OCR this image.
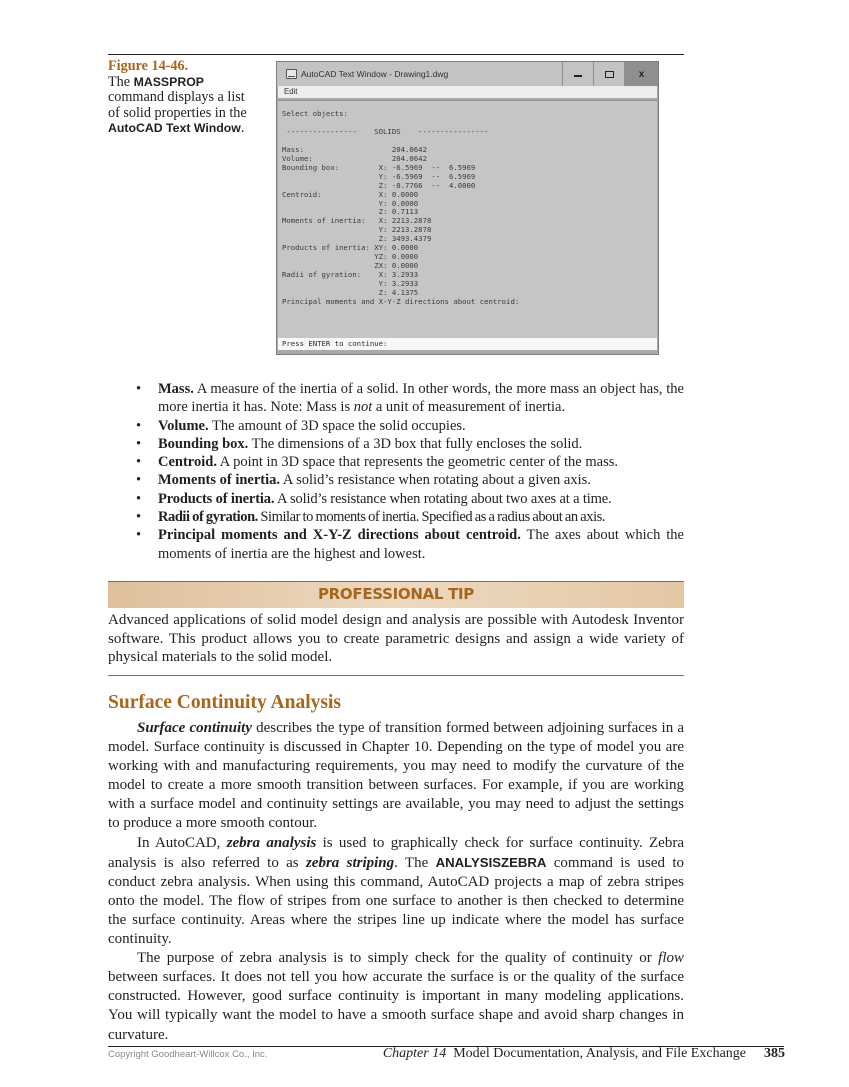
Figure 14-46.
The MASSPROP command displays a list of solid properties in the AutoCAD Text Window.
AutoCAD Text Window - Drawing1.dwg	x
Edit
Select objects:

----------------    SOLIDS    ----------------

Mass:                    204.0642
Volume:                  204.0642
Bounding box:         X: -6.5969  --  6.5969
Y: -6.5969  --  6.5969
Z: -0.7766  --  4.0000
Centroid:             X: 0.0000
Y: 0.0000
Z: 0.7113
Moments of inertia:   X: 2213.2878
Y: 2213.2878
Z: 3493.4379
Products of inertia: XY: 0.0000
YZ: 0.0000
ZX: 0.0000
Radii of gyration:    X: 3.2933
Y: 3.2933
Z: 4.1375
Principal moments and X-Y-Z directions about centroid:
Press ENTER to continue:
• Mass. A measure of the inertia of a solid. In other words, the more mass an object has, the more inertia it has. Note: Mass is not a unit of measurement of inertia.
• Volume. The amount of 3D space the solid occupies.
• Bounding box. The dimensions of a 3D box that fully encloses the solid.
• Centroid. A point in 3D space that represents the geometric center of the mass.
• Moments of inertia. A solid’s resistance when rotating about a given axis.
• Products of inertia. A solid’s resistance when rotating about two axes at a time.
• Radii of gyration. Similar to moments of inertia. Specified as a radius about an axis.
• Principal moments and X-Y-Z directions about centroid. The axes about which the moments of inertia are the highest and lowest.
PROFESSIONAL TIP
Advanced applications of solid model design and analysis are possible with Autodesk Inventor software. This product allows you to create parametric designs and assign a wide variety of physical materials to the solid model.
Surface Continuity Analysis

Surface continuity describes the type of transition formed between adjoining surfaces in a model. Surface continuity is discussed in Chapter 10. Depending on the type of model you are working with and manufacturing requirements, you may need to modify the curvature of the model to create a more smooth transition between surfaces. For example, if you are working with a surface model and continuity settings are available, you may need to adjust the settings to produce a more smooth contour.

In AutoCAD, zebra analysis is used to graphically check for surface continuity. Zebra analysis is also referred to as zebra striping. The ANALYSISZEBRA command is used to conduct zebra analysis. When using this command, AutoCAD projects a map of zebra stripes onto the model. The flow of stripes from one surface to another is then checked to determine the surface continuity. Areas where the stripes line up indicate where the model has surface continuity.

The purpose of zebra analysis is to simply check for the quality of continuity or flow between surfaces. It does not tell you how accurate the surface is or the quality of the surface constructed. However, good surface continuity is important in many modeling applications. You will typically want the model to have a smooth surface shape and avoid sharp changes in curvature.

Copyright Goodheart-Willcox Co., Inc.	Chapter 14 Model Documentation, Analysis, and File Exchange 385
